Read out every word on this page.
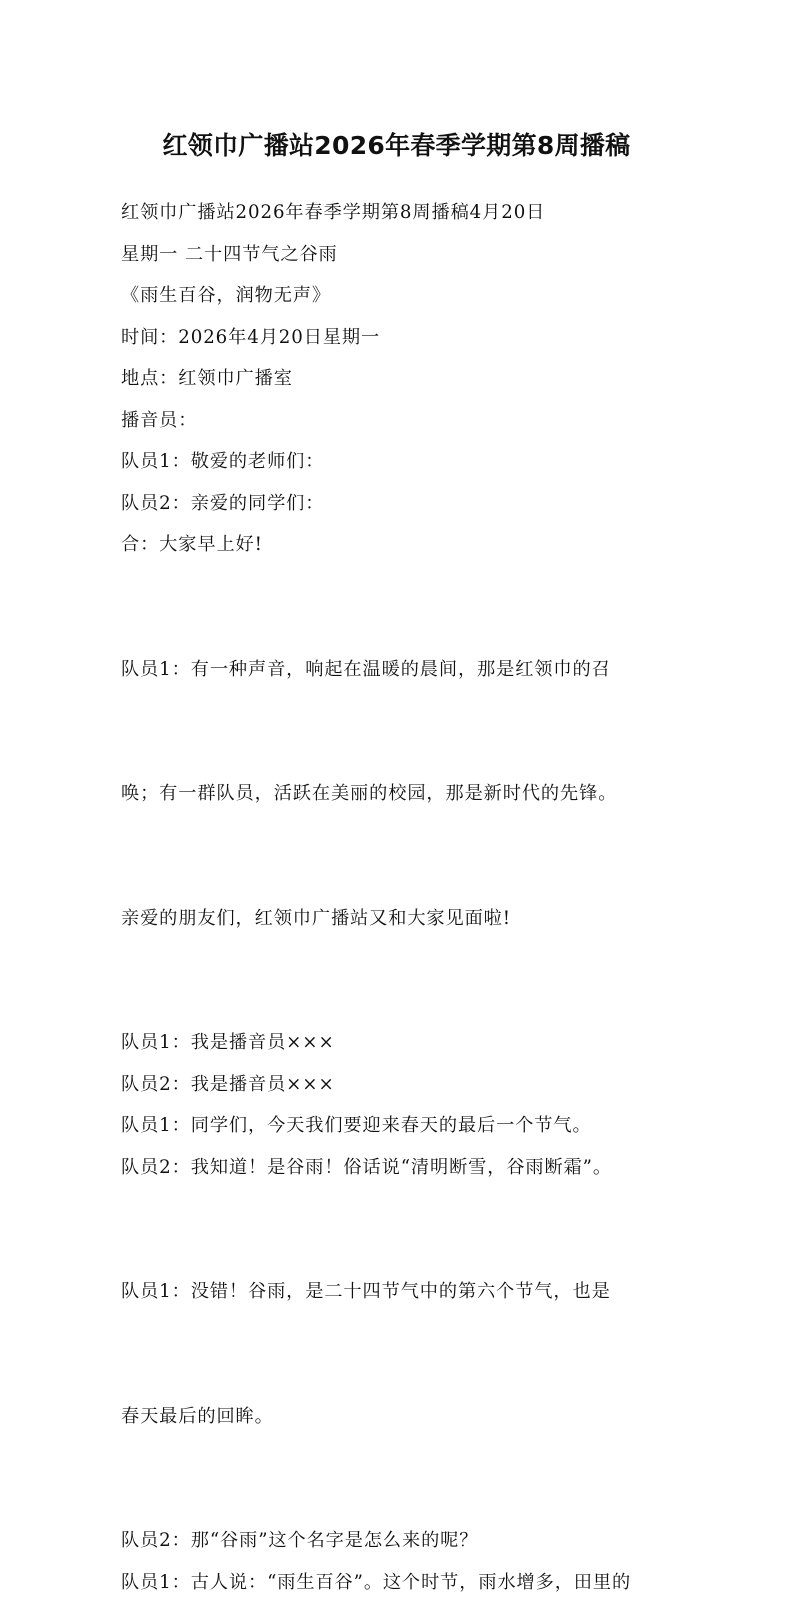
红领巾广播站2026年春季学期第8周播稿

红领巾广播站2026年春季学期第8周播稿4月20日

星期一 二十四节气之谷雨

《雨生百谷，润物无声》

时间：2026年4月20日星期一

地点：红领巾广播室

播音员：

队员1：敬爱的老师们：

队员2：亲爱的同学们：

合：大家早上好!

队员1：有一种声音，响起在温暖的晨间，那是红领巾的召

唤；有一群队员，活跃在美丽的校园，那是新时代的先锋。

亲爱的朋友们，红领巾广播站又和大家见面啦!

队员1：我是播音员×××

队员2：我是播音员×××

队员1：同学们，今天我们要迎来春天的最后一个节气。

队员2：我知道！是谷雨！俗话说“清明断雪，谷雨断霜”。

队员1：没错！谷雨，是二十四节气中的第六个节气，也是

春天最后的回眸。

队员2：那“谷雨”这个名字是怎么来的呢？

队员1：古人说：“雨生百谷”。这个时节，雨水增多，田里的
